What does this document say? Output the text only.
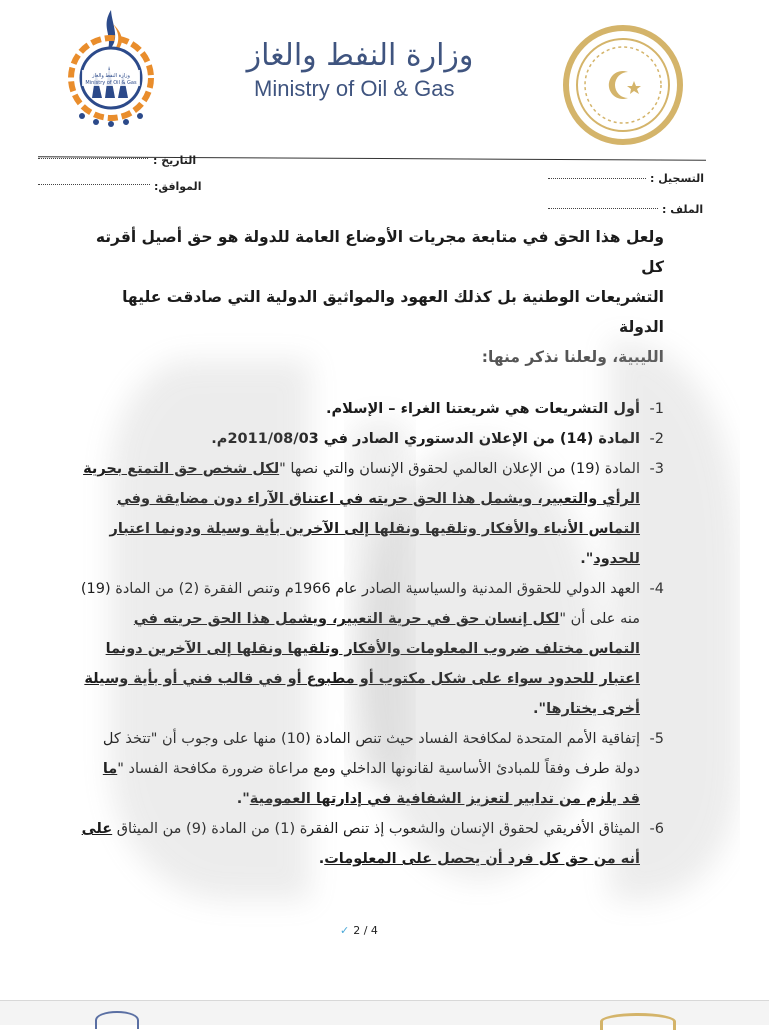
وزارة النفط والغاز
Ministry of Oil & Gas
وزارة النفط والغاز
Ministry of Oil & Gas
التاريخ :
الموافق:
التسجيل :
الملف :

ولعل هذا الحق في متابعة مجريات الأوضاع العامة للدولة هو حق أصيل أقرته كل

التشريعات الوطنية بل كذلك العهود والمواثيق الدولية التي صادقت عليها الدولة

الليبية، ولعلنا نذكر منها:

1-
أول التشريعات هي شريعتنا الغراء – الإسلام.

2-
المادة (14) من الإعلان الدستوري الصادر في 2011/08/03م.

3-
المادة (19) من الإعلان العالمي لحقوق الإنسان والتي نصها "لكل شخص حق التمتع بحرية الرأي والتعبير، ويشمل هذا الحق حريته في اعتناق الآراء دون مضايقة وفي التماس الأنباء والأفكار وتلقيها ونقلها إلى الآخرين بأية وسيلة ودونما اعتبار للحدود".

4-
العهد الدولي للحقوق المدنية والسياسية الصادر عام 1966م وتنص الفقرة (2) من المادة (19) منه على أن "لكل إنسان حق في حرية التعبير، ويشمل هذا الحق حريته في التماس مختلف ضروب المعلومات والأفكار وتلقيها ونقلها إلى الآخرين دونما اعتبار للحدود سواء على شكل مكتوب أو مطبوع أو في قالب فني أو بأية وسيلة أخرى يختارها".

5-
إتفاقية الأمم المتحدة لمكافحة الفساد حيث تنص المادة (10) منها على وجوب أن "تتخذ كل دولة طرف وفقاً للمبادئ الأساسية لقانونها الداخلي ومع مراعاة ضرورة مكافحة الفساد "ما قد يلزم من تدابير لتعزيز الشفافية في إدارتها العمومية".

6-
الميثاق الأفريقي لحقوق الإنسان والشعوب إذ تنص الفقرة (1) من المادة (9) من الميثاق على أنه من حق كل فرد أن يحصل على المعلومات.

✓ 2 / 4
